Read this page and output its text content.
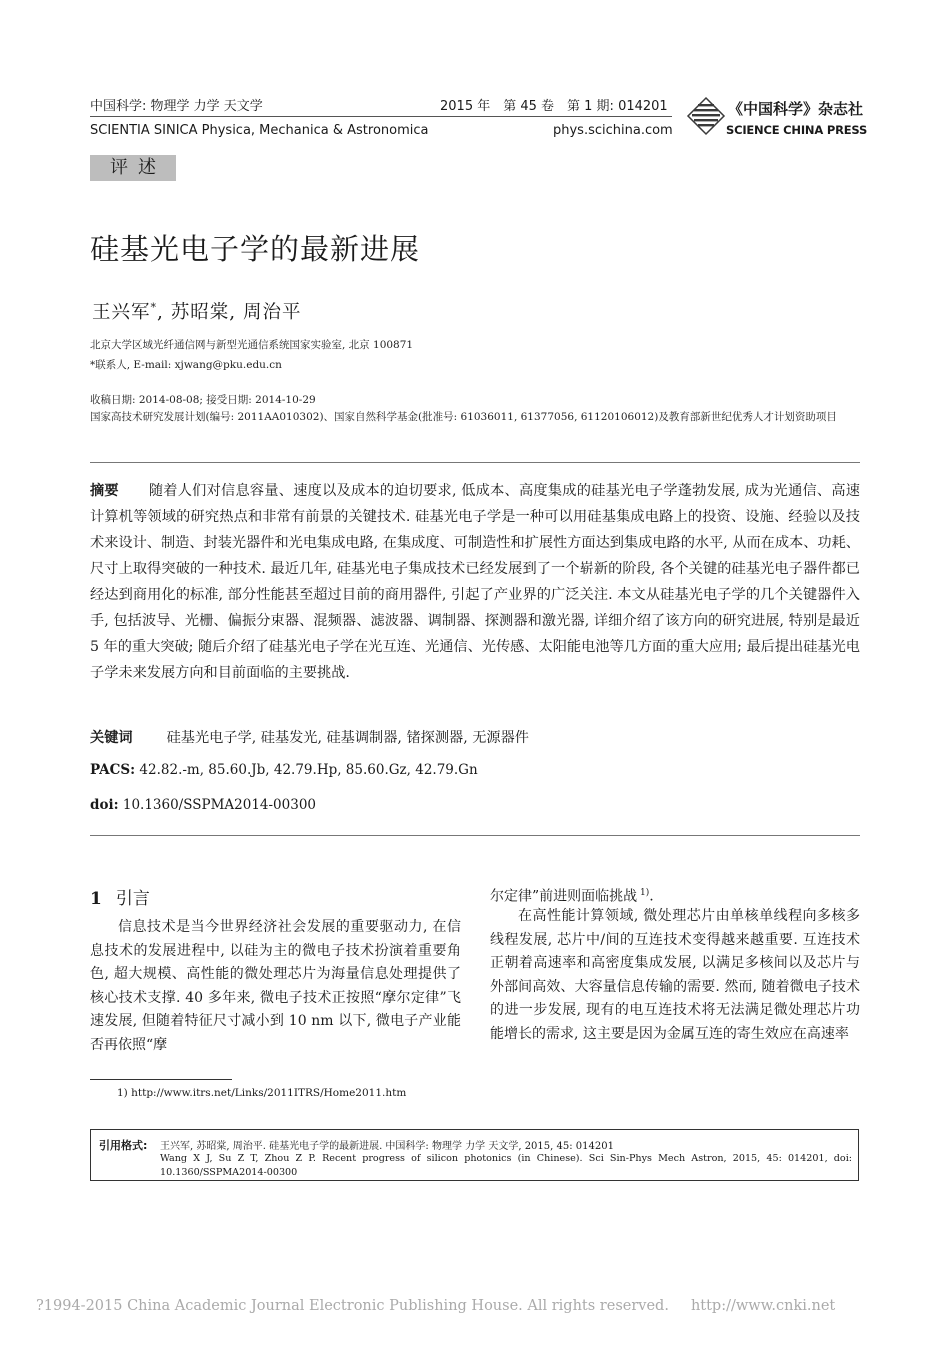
中国科学: 物理学 力学 天文学	2015 年　第 45 卷　第 1 期: 014201
SCIENTIA SINICA Physica, Mechanica & Astronomica	phys.scichina.com
《中国科学》杂志社
SCIENCE CHINA PRESS
评述
硅基光电子学的最新进展
王兴军*, 苏昭棠, 周治平
北京大学区域光纤通信网与新型光通信系统国家实验室, 北京 100871
*联系人, E-mail: xjwang@pku.edu.cn
收稿日期: 2014-08-08; 接受日期: 2014-10-29
国家高技术研究发展计划(编号: 2011AA010302)、国家自然科学基金(批准号: 61036011, 61377056, 61120106012)及教育部新世纪优秀人才计划资助项目
摘要 随着人们对信息容量、速度以及成本的迫切要求, 低成本、高度集成的硅基光电子学蓬勃发展, 成为光通信、高速计算机等领域的研究热点和非常有前景的关键技术. 硅基光电子学是一种可以用硅基集成电路上的投资、设施、经验以及技术来设计、制造、封装光器件和光电集成电路, 在集成度、可制造性和扩展性方面达到集成电路的水平, 从而在成本、功耗、尺寸上取得突破的一种技术. 最近几年, 硅基光电子集成技术已经发展到了一个崭新的阶段, 各个关键的硅基光电子器件都已经达到商用化的标准, 部分性能甚至超过目前的商用器件, 引起了产业界的广泛关注. 本文从硅基光电子学的几个关键器件入手, 包括波导、光栅、偏振分束器、混频器、滤波器、调制器、探测器和激光器, 详细介绍了该方向的研究进展, 特别是最近 5 年的重大突破; 随后介绍了硅基光电子学在光互连、光通信、光传感、太阳能电池等几方面的重大应用; 最后提出硅基光电子学未来发展方向和目前面临的主要挑战.
关键词 硅基光电子学, 硅基发光, 硅基调制器, 锗探测器, 无源器件
PACS: 42.82.-m, 85.60.Jb, 42.79.Hp, 85.60.Gz, 42.79.Gn
doi: 10.1360/SSPMA2014-00300
1 引言
信息技术是当今世界经济社会发展的重要驱动力, 在信息技术的发展进程中, 以硅为主的微电子技术扮演着重要角色, 超大规模、高性能的微处理芯片为海量信息处理提供了核心技术支撑. 40 多年来, 微电子技术正按照“摩尔定律”飞速发展, 但随着特征尺寸减小到 10 nm 以下, 微电子产业能否再依照“摩
尔定律”前进则面临挑战 $^{1)}$.
在高性能计算领域, 微处理芯片由单核单线程向多核多线程发展, 芯片中/间的互连技术变得越来越重要. 互连技术正朝着高速率和高密度集成发展, 以满足多核间以及芯片与外部间高效、大容量信息传输的需要. 然而, 随着微电子技术的进一步发展, 现有的电互连技术将无法满足微处理芯片功能增长的需求, 这主要是因为金属互连的寄生效应在高速率
1) http://www.itrs.net/Links/2011ITRS/Home2011.htm
引用格式: 王兴军, 苏昭棠, 周治平. 硅基光电子学的最新进展. 中国科学: 物理学 力学 天文学, 2015, 45: 014201
Wang X J, Su Z T, Zhou Z P. Recent progress of silicon photonics (in Chinese). Sci Sin-Phys Mech Astron, 2015, 45: 014201, doi:
10.1360/SSPMA2014-00300
?1994-2015 China Academic Journal Electronic Publishing House. All rights reserved. http://www.cnki.net
